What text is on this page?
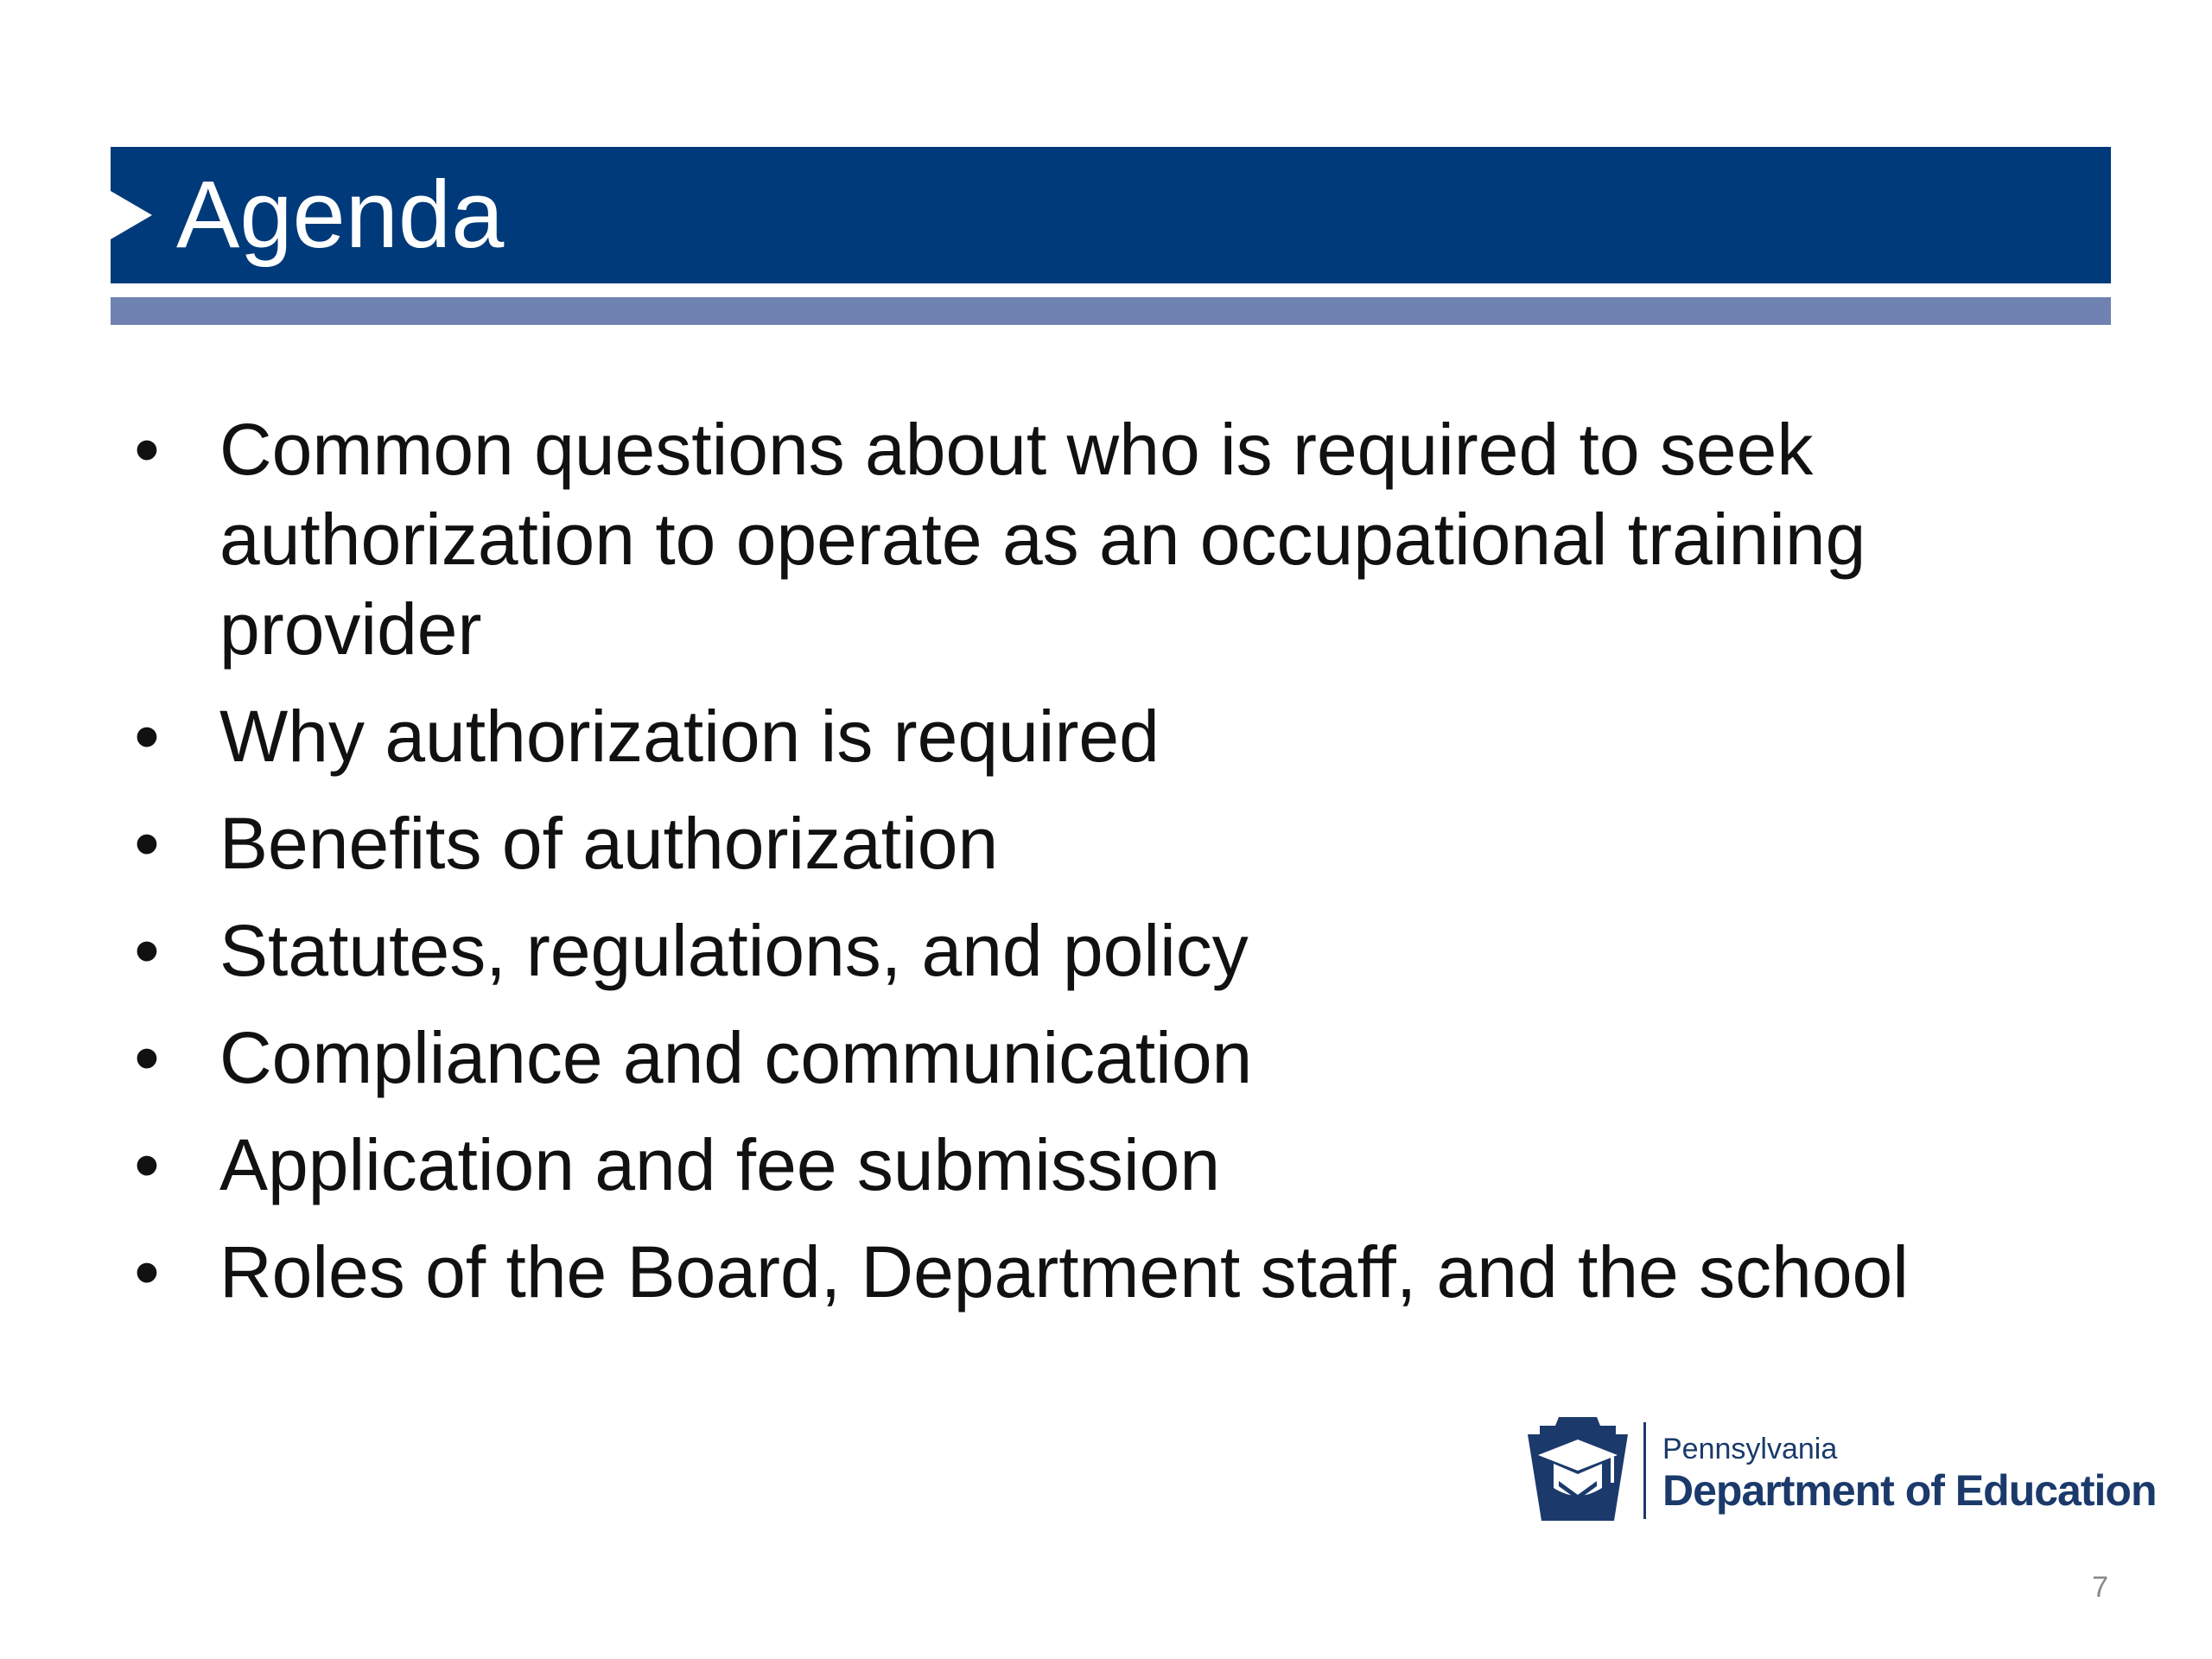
Agenda
• Common questions about who is required to seek authorization to operate as an occupational training provider
• Why authorization is required
• Benefits of authorization
• Statutes, regulations, and policy
• Compliance and communication
• Application and fee submission
• Roles of the Board, Department staff, and the school
Pennsylvania
Department of Education
7
